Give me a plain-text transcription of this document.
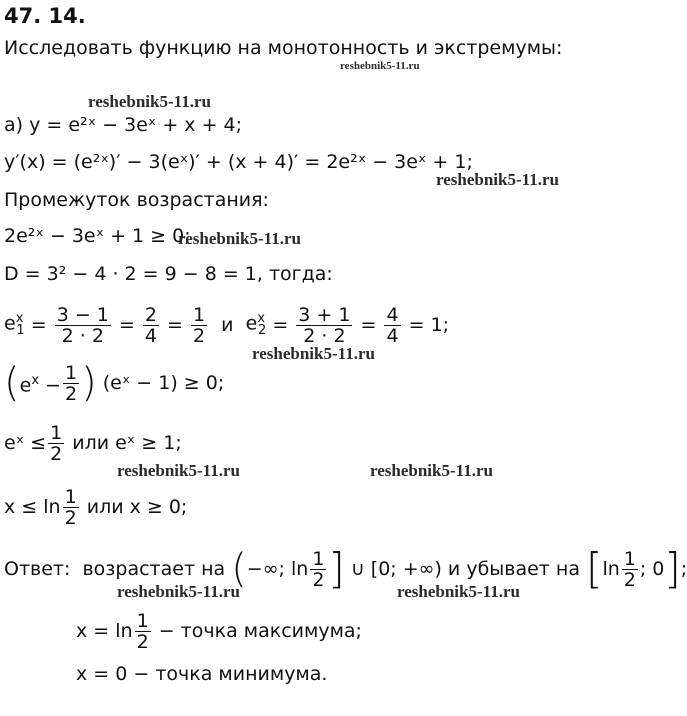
47. 14.
Исследовать функцию на монотонность и экстремумы:
reshebnik5-11.ru
reshebnik5-11.ru
а) y = e²ˣ − 3eˣ + x + 4;
y′(x) = (e²ˣ)′ − 3(eˣ)′ + (x + 4)′ = 2e²ˣ − 3eˣ + 1;
reshebnik5-11.ru
Промежуток возрастания:
2e²ˣ − 3eˣ + 1 ≥ 0;
reshebnik5-11.ru
D = 3² − 4 · 2 = 9 − 8 = 1, тогда:
$e^x_1 = \frac{3 - 1}{2 \cdot 2} = \frac{2}{4} = \frac{1}{2}$
и
$e^x_2 = \frac{3 + 1}{2 \cdot 2} = \frac{4}{4}$
= 1;
reshebnik5-11.ru
( $e^x - \frac{1}{2}$ )
(eˣ − 1) ≥ 0;
eˣ ≤ $\frac{1}{2}$
или eˣ ≥ 1;
reshebnik5-11.ru	reshebnik5-11.ru
$x \le \ln \frac{1}{2}$
или x ≥ 0;
Ответ:
возрастает на
( −∞; $\ln \frac{1}{2}$ ]
∪ [0; +∞) и убывает на
[ $\ln \frac{1}{2}$ ; 0 ] ;
reshebnik5-11.ru	reshebnik5-11.ru
$x = \ln \frac{1}{2}$
− точка максимума;
x = 0 − точка минимума.
